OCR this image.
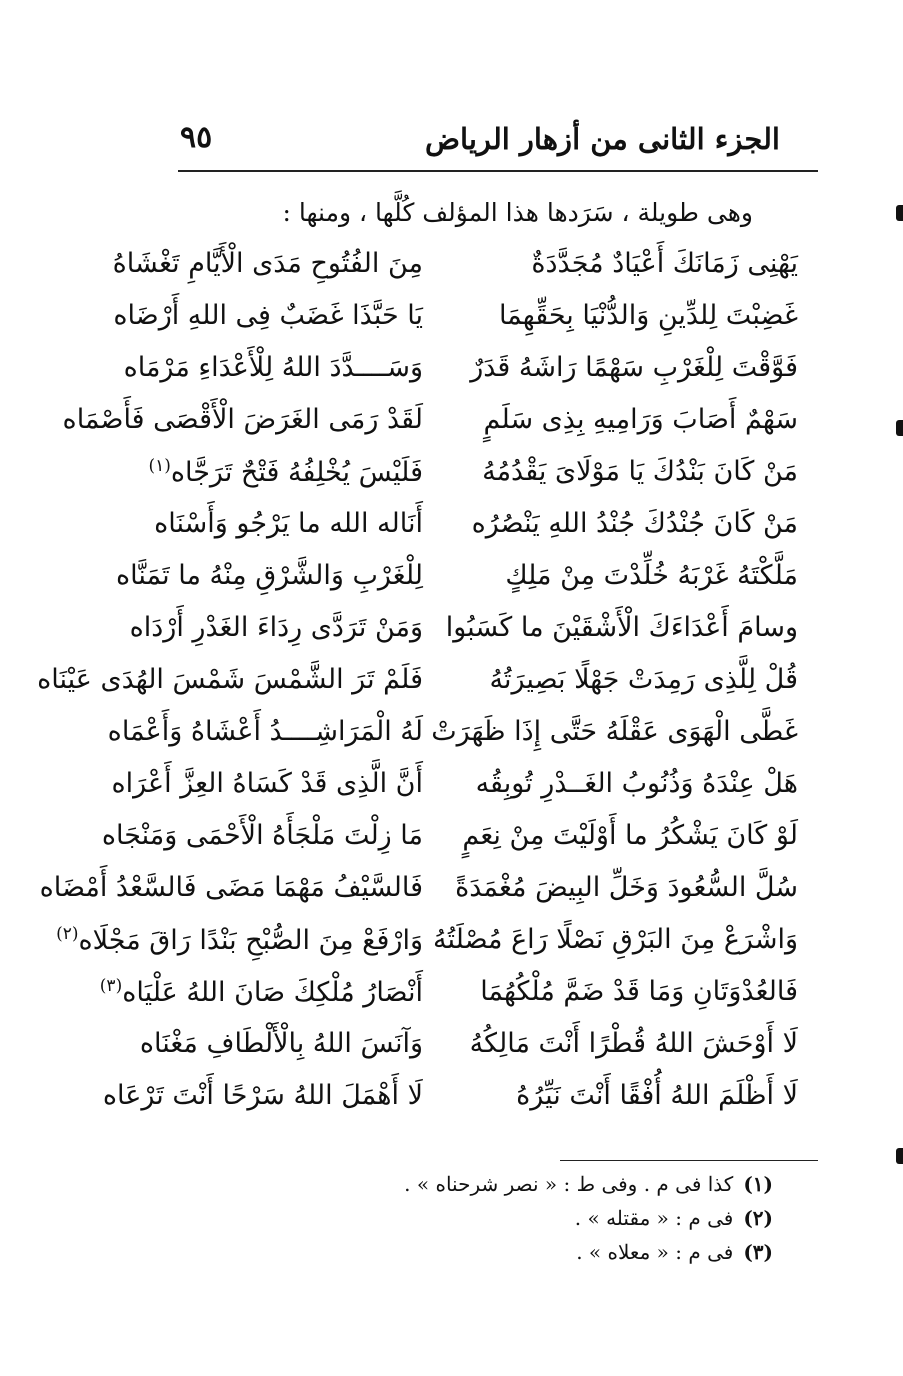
الجزء الثانى من أزهار الرياض
٩٥
وهى طويلة ، سَرَدها هذا المؤلف كُلَّها ، ومنها :
يَهْنِى زَمَانَكَ أَعْيَادٌ مُجَدَّدَةٌ
مِنَ الفُتُوحِ مَدَى الْأَيَّامِ تَغْشَاهُ
غَضِبْتَ لِلدِّينِ وَالدُّنْيَا بِحَقِّهِمَا
يَا حَبَّذَا غَضَبٌ فِى اللهِ أَرْضَاه
فَوَّقْتَ لِلْغَرْبِ سَهْمًا رَاشَهُ قَدَرٌ
وَسَــــدَّدَ اللهُ لِلْأَعْدَاءِ مَرْمَاه
سَهْمٌ أَصَابَ وَرَامِيهِ بِذِى سَلَمٍ
لَقَدْ رَمَى الغَرَضَ الْأَقْصَى فَأَصْمَاه
مَنْ كَانَ بَنْدُكَ يَا مَوْلَاىَ يَقْدُمُهُ
فَلَيْسَ يُخْلِفُهُ فَتْحٌ تَرَجَّاه$^{(١)}$
مَنْ كَانَ جُنْدُكَ جُنْدُ اللهِ يَنْصُرُه
أَنَاله الله ما يَرْجُو وَأَسْنَاه
مَلَّكْتَهُ غَرْبَهُ خُلِّدْتَ مِنْ مَلِكٍ
لِلْغَرْبِ وَالشَّرْقِ مِنْهُ ما تَمَنَّاه
وسامَ أَعْدَاءَكَ الْأَشْقَيْنَ ما كَسَبُوا
وَمَنْ تَرَدَّى رِدَاءَ الغَدْرِ أَرْدَاه
قُلْ لِلَّذِى رَمِدَتْ جَهْلًا بَصِيرَتُهُ
فَلَمْ تَرَ الشَّمْسَ شَمْسَ الهُدَى عَيْنَاه
غَطَّى الْهَوَى عَقْلَهُ حَتَّى إِذَا ظَهَرَتْ
لَهُ الْمَرَاشِــــدُ أَعْشَاهُ وَأَعْمَاه
هَلْ عِنْدَهُ وَذُنُوبُ الغَــدْرِ تُوبِقُه
أَنَّ الَّذِى قَدْ كَسَاهُ العِزَّ أَعْرَاه
لَوْ كَانَ يَشْكُرُ ما أَوْلَيْتَ مِنْ نِعَمٍ
مَا زِلْتَ مَلْجَأَهُ الْأَحْمَى وَمَنْجَاه
سُلَّ السُّعُودَ وَخَلِّ البِيضَ مُغْمَدَةً
فَالسَّيْفُ مَهْمَا مَضَى فَالسَّعْدُ أَمْضَاه
وَاشْرَعْ مِنَ البَرْقِ نَصْلًا رَاعَ مُصْلَتُهُ
وَارْفَعْ مِنَ الصُّبْحِ بَنْدًا رَاقَ مَجْلَاه$^{(٢)}$
فَالعُدْوَتَانِ وَمَا قَدْ ضَمَّ مُلْكُهُمَا
أَنْصَارُ مُلْكِكَ صَانَ اللهُ عَلْيَاه$^{(٣)}$
لَا أَوْحَشَ اللهُ قُطْرًا أَنْتَ مَالِكُهُ
وَآنَسَ اللهُ بِالْأَلْطَافِ مَغْنَاه
لَا أَظْلَمَ اللهُ أُفْقًا أَنْتَ نَيِّرُهُ
لَا أَهْمَلَ اللهُ سَرْحًا أَنْتَ تَرْعَاه
(١)كذا فى م . وفى ط : « نصر شرحناه » .
(٢)فى م : « مقتله » .
(٣)فى م : « معلاه » .
